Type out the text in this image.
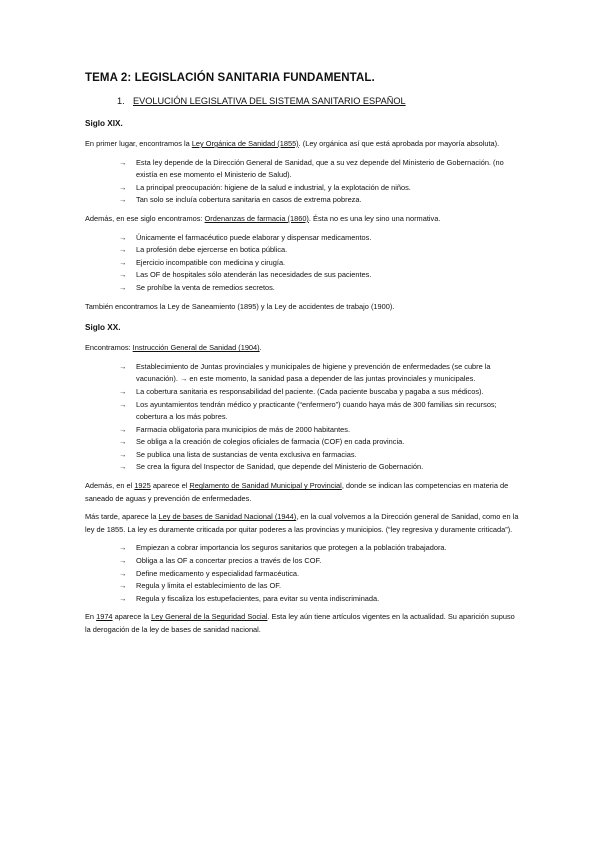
TEMA 2: LEGISLACIÓN SANITARIA FUNDAMENTAL.
1. EVOLUCIÓN LEGISLATIVA DEL SISTEMA SANITARIO ESPAÑOL
Siglo XIX.

En primer lugar, encontramos la Ley Orgánica de Sanidad (1855). (Ley orgánica así que está aprobada por mayoría absoluta).

→ Esta ley depende de la Dirección General de Sanidad, que a su vez depende del Ministerio de Gobernación. (no existía en ese momento el Ministerio de Salud).
→ La principal preocupación: higiene de la salud e industrial, y la explotación de niños.
→ Tan solo se incluía cobertura sanitaria en casos de extrema pobreza.

Además, en ese siglo encontramos: Ordenanzas de farmacia (1860). Ésta no es una ley sino una normativa.

→ Únicamente el farmacéutico puede elaborar y dispensar medicamentos.
→ La profesión debe ejercerse en botica pública.
→ Ejercicio incompatible con medicina y cirugía.
→ Las OF de hospitales sólo atenderán las necesidades de sus pacientes.
→ Se prohíbe la venta de remedios secretos.

También encontramos la Ley de Saneamiento (1895) y la Ley de accidentes de trabajo (1900).

Siglo XX.

Encontramos: Instrucción General de Sanidad (1904).

→ Establecimiento de Juntas provinciales y municipales de higiene y prevención de enfermedades (se cubre la vacunación). → en este momento, la sanidad pasa a depender de las juntas provinciales y municipales.
→ La cobertura sanitaria es responsabilidad del paciente. (Cada paciente buscaba y pagaba a sus médicos).
→ Los ayuntamientos tendrán médico y practicante (“enfermero”) cuando haya más de 300 familias sin recursos; cobertura a los más pobres.
→ Farmacia obligatoria para municipios de más de 2000 habitantes.
→ Se obliga a la creación de colegios oficiales de farmacia (COF) en cada provincia.
→ Se publica una lista de sustancias de venta exclusiva en farmacias.
→ Se crea la figura del Inspector de Sanidad, que depende del Ministerio de Gobernación.

Además, en el 1925 aparece el Reglamento de Sanidad Municipal y Provincial, donde se indican las competencias en materia de saneado de aguas y prevención de enfermedades.

Más tarde, aparece la Ley de bases de Sanidad Nacional (1944), en la cual volvemos a la Dirección general de Sanidad, como en la ley de 1855. La ley es duramente criticada por quitar poderes a las provincias y municipios. (“ley regresiva y duramente criticada”).

→ Empiezan a cobrar importancia los seguros sanitarios que protegen a la población trabajadora.
→ Obliga a las OF a concertar precios a través de los COF.
→ Define medicamento y especialidad farmacéutica.
→ Regula y limita el establecimiento de las OF.
→ Regula y fiscaliza los estupefacientes, para evitar su venta indiscriminada.

En 1974 aparece la Ley General de la Seguridad Social. Esta ley aún tiene artículos vigentes en la actualidad. Su aparición supuso la derogación de la ley de bases de sanidad nacional.
